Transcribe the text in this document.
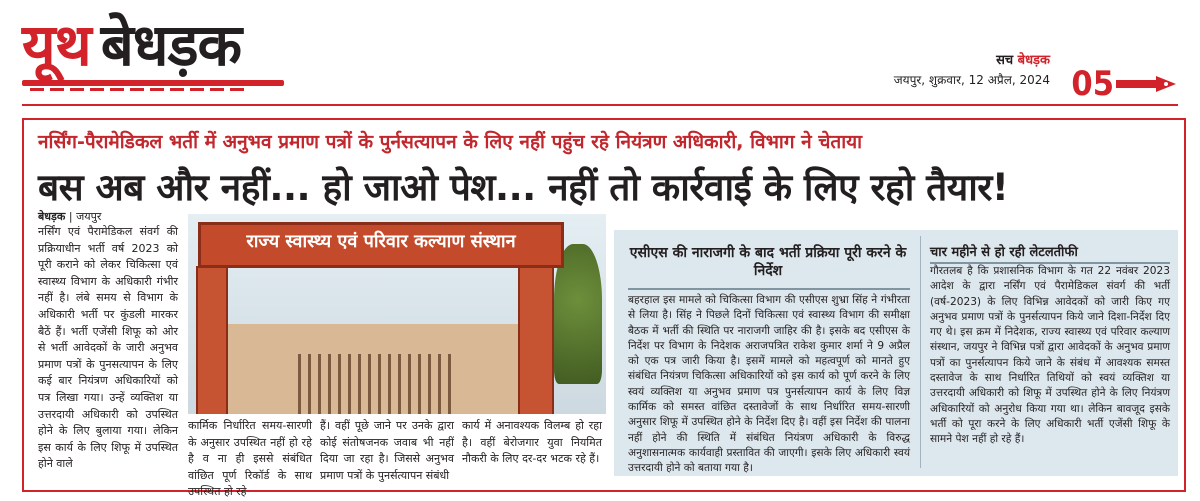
यूथ बेधड़क	सच बेधड़क
जयपुर, शुक्रवार, 12 अप्रैल, 2024 05
नर्सिंग-पैरामेडिकल भर्ती में अनुभव प्रमाण पत्रों के पुर्नसत्यापन के लिए नहीं पहुंच रहे नियंत्रण अधिकारी, विभाग ने चेताया
बस अब और नहीं... हो जाओ पेश... नहीं तो कार्रवाई के लिए रहो तैयार!
बेधड़क | जयपुर
नर्सिंग एवं पैरामेडिकल संवर्ग की प्रक्रियाधीन भर्ती वर्ष 2023 को पूरी कराने को लेकर चिकित्सा एवं स्वास्थ्य विभाग के अधिकारी गंभीर नहीं है। लंबे समय से विभाग के अधिकारी भर्ती पर कुंडली मारकर बैठें हैं। भर्ती एजेंसी शिफू को ओर से भर्ती आवेदकों के जारी अनुभव प्रमाण पत्रों के पुनसत्यापन के लिए कई बार नियंत्रण अधिकारियों को पत्र लिखा गया। उन्हें व्यक्तिश या उत्तरदायी अधिकारी को उपस्थित होने के लिए बुलाया गया। लेकिन इस कार्य के लिए शिफू में उपस्थित होने वाले
राज्य स्वास्थ्य एवं परिवार कल्याण संस्थान
कार्मिक निर्धारित समय-सारणी के अनुसार उपस्थित नहीं हो रहे है व ना ही इससे संबंधित वांछित पूर्ण रिकॉर्ड के साथ उपस्थित हो रहे
हैं। वहीं पूछे जाने पर उनके द्वारा कोई संतोषजनक जवाब भी नहीं दिया जा रहा है। जिससे अनुभव प्रमाण पत्रों के पुनर्सत्यापन संबंधी
कार्य में अनावश्यक विलम्ब हो रहा है। वहीं बेरोजगार युवा नियमित नौकरी के लिए दर-दर भटक रहे हैं।
एसीएस की नाराजगी के बाद भर्ती प्रक्रिया पूरी करने के निर्देश
बहरहाल इस मामले को चिकित्सा विभाग की एसीएस शुभ्रा सिंह ने गंभीरता से लिया है। सिंह ने पिछले दिनों चिकित्सा एवं स्वास्थ्य विभाग की समीक्षा बैठक में भर्ती की स्थिति पर नाराजगी जाहिर की है। इसके बद एसीएस के निर्देश पर विभाग के निदेशक अराजपत्रित राकेश कुमार शर्मा ने 9 अप्रैल को एक पत्र जारी किया है। इसमें मामले को महत्वपूर्ण को मानते हुए संबंधित नियंत्रण चिकित्सा अधिकारियों को इस कार्य को पूर्ण करने के लिए स्वयं व्यक्तिश या अनुभव प्रमाण पत्र पुनर्सत्यापन कार्य के लिए विज्ञ कार्मिक को समस्त वांछित दस्तावेजों के साथ निर्धारित समय-सारणी अनुसार शिफू में उपस्थित होने के निर्देश दिए है। वहीं इस निर्देश की पालना नहीं होने की स्थिति में संबंधित नियंत्रण अधिकारी के विरुद्ध अनुशासनात्मक कार्यवाही प्रस्तावित की जाएगी। इसके लिए अधिकारी स्वयं उत्तरदायी होने को बताया गया है।
चार महीने से हो रही लेटलतीफी
गौरतलब है कि प्रशासनिक विभाग के गत 22 नवंबर 2023 आदेश के द्वारा नर्सिंग एवं पैरामेडिकल संवर्ग की भर्ती (वर्ष-2023) के लिए विभिन्न आवेदकों को जारी किए गए अनुभव प्रमाण पत्रों के पुनर्सत्यापन किये जाने दिशा-निर्देश दिए गए थे। इस क्रम में निदेशक, राज्य स्वास्थ्य एवं परिवार कल्याण संस्थान, जयपुर ने विभिन्न पत्रों द्वारा आवेदकों के अनुभव प्रमाण पत्रों का पुनर्सत्यापन किये जाने के संबंध में आवश्यक समस्त दस्तावेज के साथ निर्धारित तिथियों को स्वयं व्यक्तिश या उत्तरदायी अधिकारी को शिफू में उपस्थित होने के लिए नियंत्रण अधिकारियों को अनुरोध किया गया था। लेकिन बावजूद इसके भर्ती को पूरा करने के लिए अधिकारी भर्ती एजेंसी शिफू के सामने पेश नहीं हो रहे हैं।
